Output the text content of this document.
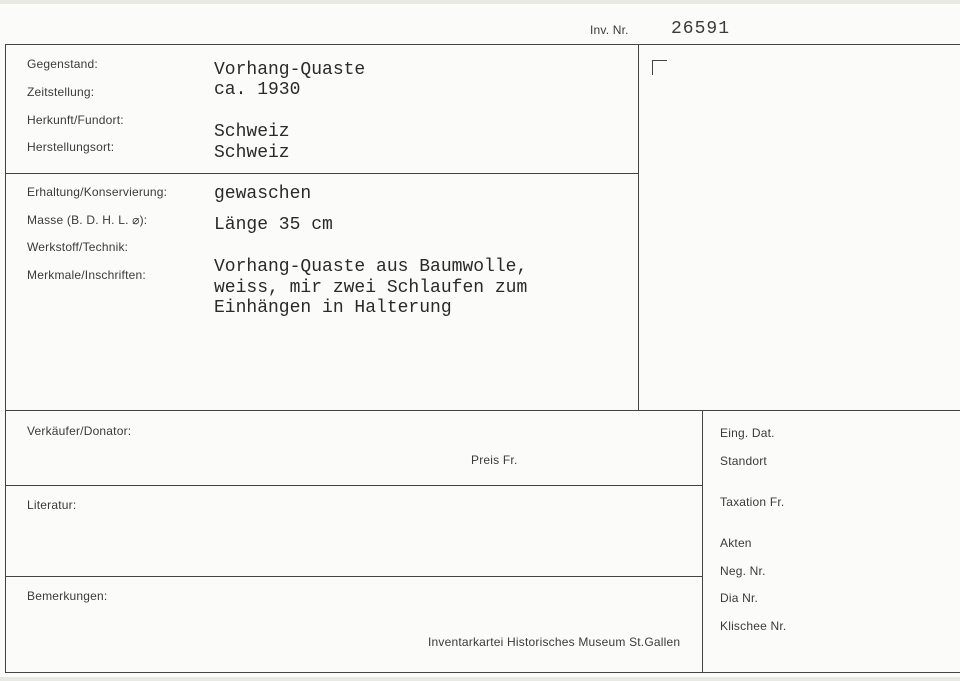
Inv. Nr. 26591
Gegenstand:	Vorhang-Quaste
Zeitstellung:	ca. 1930
Herkunft/Fundort:
Schweiz
Herstellungsort:	Schweiz
Erhaltung/Konservierung:	gewaschen
Masse (B. D. H. L. ⌀):	Länge 35 cm
Werkstoff/Technik:
Merkmale/Inschriften:	Vorhang-Quaste aus Baumwolle,
weiss, mir zwei Schlaufen zum
Einhängen in Halterung
Verkäufer/Donator:
Preis Fr.
Literatur:
Bemerkungen:
Inventarkartei Historisches Museum St.Gallen
Eing. Dat.
Standort
Taxation Fr.
Akten
Neg. Nr.
Dia Nr.
Klischee Nr.
